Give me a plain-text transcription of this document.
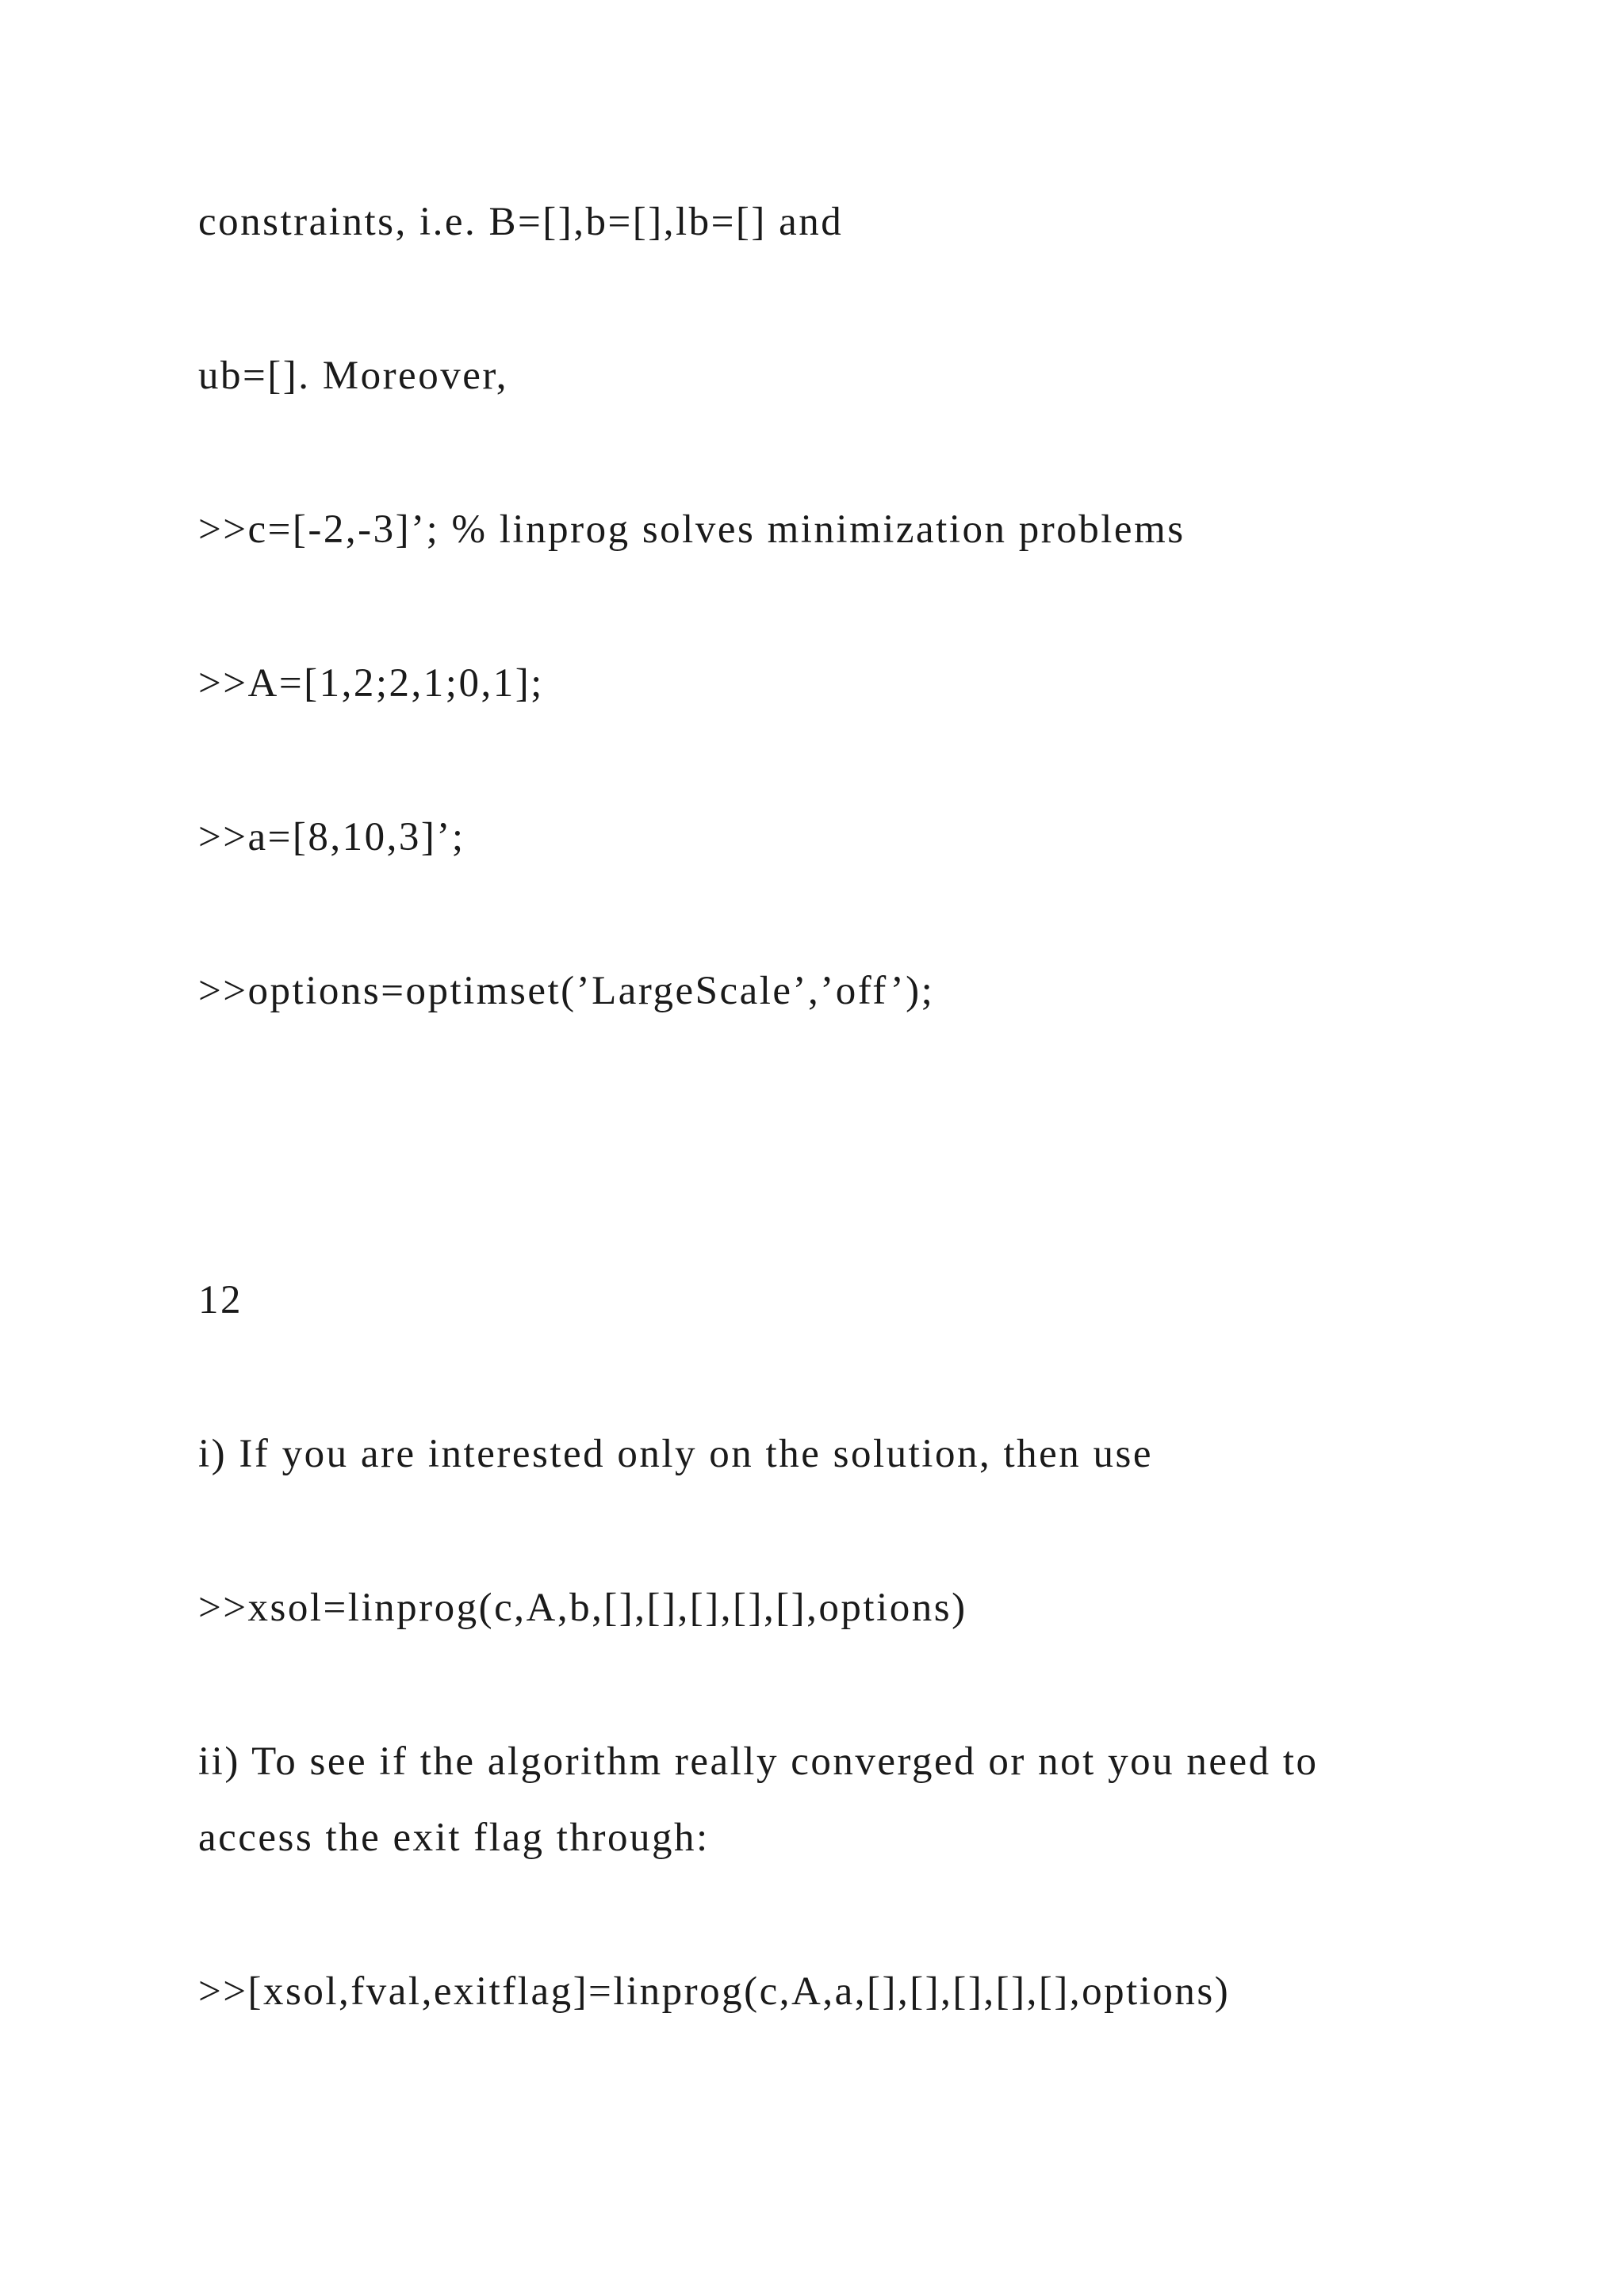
constraints, i.e. B=[],b=[],lb=[] and

ub=[]. Moreover,

>>c=[-2,-3]’; % linprog solves minimization problems

>>A=[1,2;2,1;0,1];

>>a=[8,10,3]’;

>>options=optimset(’LargeScale’,’off’);

12

i) If you are interested only on the solution, then use

>>xsol=linprog(c,A,b,[],[],[],[],[],options)

ii) To see if the algorithm really converged or not you need to

access the exit flag through:

>>[xsol,fval,exitflag]=linprog(c,A,a,[],[],[],[],[],options)
